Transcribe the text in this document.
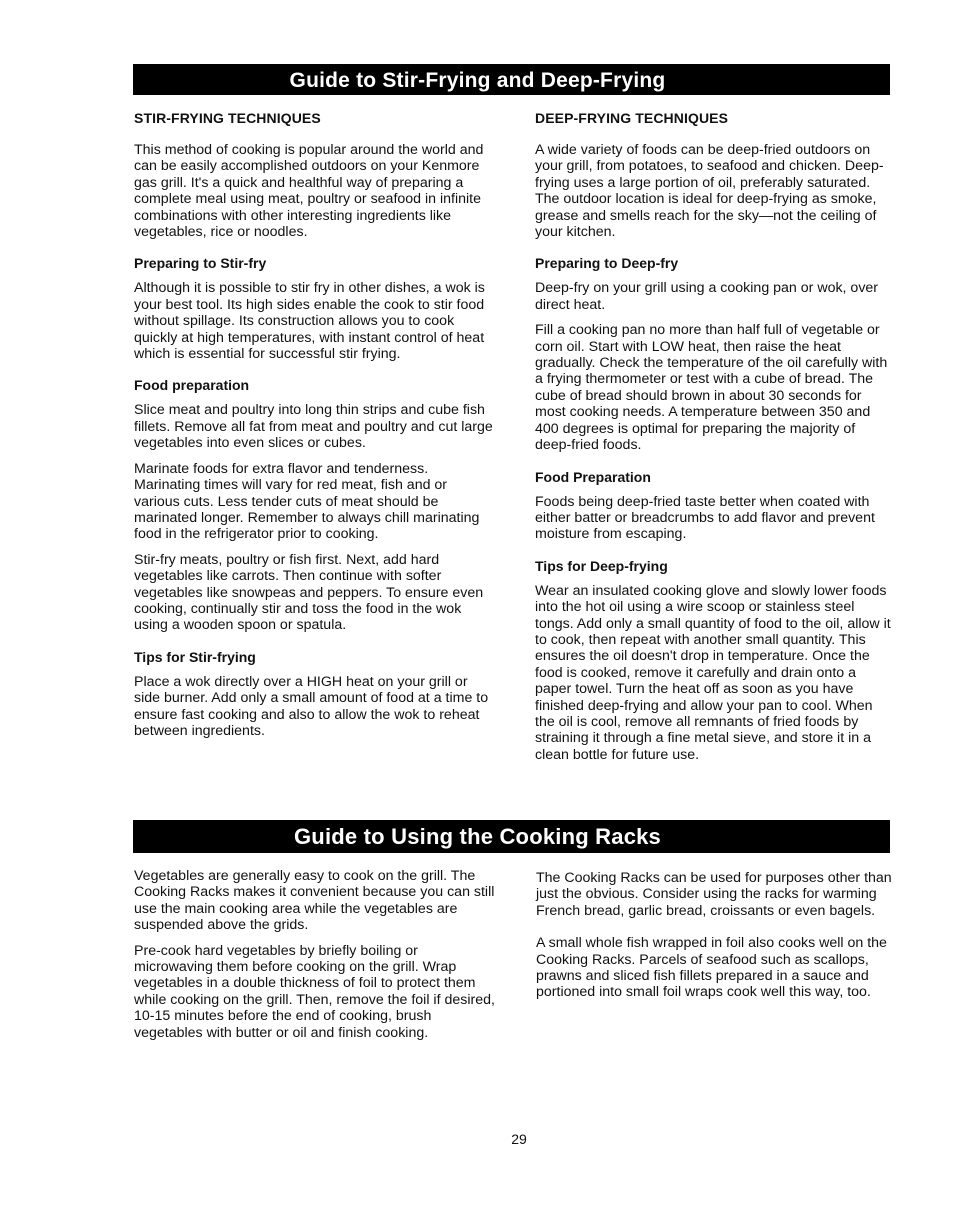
Guide to Stir-Frying and Deep-Frying
STIR-FRYING TECHNIQUES

This method of cooking is popular around the world and can be easily accomplished outdoors on your Kenmore gas grill. It's a quick and healthful way of preparing a complete meal using meat, poultry or seafood in infinite combinations with other interesting ingredients like vegetables, rice or noodles.

Preparing to Stir-fry

Although it is possible to stir fry in other dishes, a wok is your best tool. Its high sides enable the cook to stir food without spillage. Its construction allows you to cook quickly at high temperatures, with instant control of heat which is essential for successful stir frying.

Food preparation

Slice meat and poultry into long thin strips and cube fish fillets. Remove all fat from meat and poultry and cut large vegetables into even slices or cubes.

Marinate foods for extra flavor and tenderness. Marinating times will vary for red meat, fish and or various cuts. Less tender cuts of meat should be marinated longer. Remember to always chill marinating food in the refrigerator prior to cooking.

Stir-fry meats, poultry or fish first. Next, add hard vegetables like carrots. Then continue with softer vegetables like snowpeas and peppers. To ensure even cooking, continually stir and toss the food in the wok using a wooden spoon or spatula.

Tips for Stir-frying

Place a wok directly over a HIGH heat on your grill or side burner. Add only a small amount of food at a time to ensure fast cooking and also to allow the wok to reheat between ingredients.

DEEP-FRYING TECHNIQUES

A wide variety of foods can be deep-fried outdoors on your grill, from potatoes, to seafood and chicken. Deep-frying uses a large portion of oil, preferably saturated. The outdoor location is ideal for deep-frying as smoke, grease and smells reach for the sky—not the ceiling of your kitchen.

Preparing to Deep-fry

Deep-fry on your grill using a cooking pan or wok, over direct heat.

Fill a cooking pan no more than half full of vegetable or corn oil. Start with LOW heat, then raise the heat gradually. Check the temperature of the oil carefully with a frying thermometer or test with a cube of bread. The cube of bread should brown in about 30 seconds for most cooking needs. A temperature between 350 and 400 degrees is optimal for preparing the majority of deep-fried foods.

Food Preparation

Foods being deep-fried taste better when coated with either batter or breadcrumbs to add flavor and prevent moisture from escaping.

Tips for Deep-frying

Wear an insulated cooking glove and slowly lower foods into the hot oil using a wire scoop or stainless steel tongs. Add only a small quantity of food to the oil, allow it to cook, then repeat with another small quantity. This ensures the oil doesn't drop in temperature. Once the food is cooked, remove it carefully and drain onto a paper towel. Turn the heat off as soon as you have finished deep-frying and allow your pan to cool. When the oil is cool, remove all remnants of fried foods by straining it through a fine metal sieve, and store it in a clean bottle for future use.

Guide to Using the Cooking Racks

Vegetables are generally easy to cook on the grill. The Cooking Racks makes it convenient because you can still use the main cooking area while the vegetables are suspended above the grids.

Pre-cook hard vegetables by briefly boiling or microwaving them before cooking on the grill. Wrap vegetables in a double thickness of foil to protect them while cooking on the grill. Then, remove the foil if desired, 10-15 minutes before the end of cooking, brush vegetables with butter or oil and finish cooking.

The Cooking Racks can be used for purposes other than just the obvious. Consider using the racks for warming French bread, garlic bread, croissants or even bagels.

A small whole fish wrapped in foil also cooks well on the Cooking Racks. Parcels of seafood such as scallops, prawns and sliced fish fillets prepared in a sauce and portioned into small foil wraps cook well this way, too.

29
